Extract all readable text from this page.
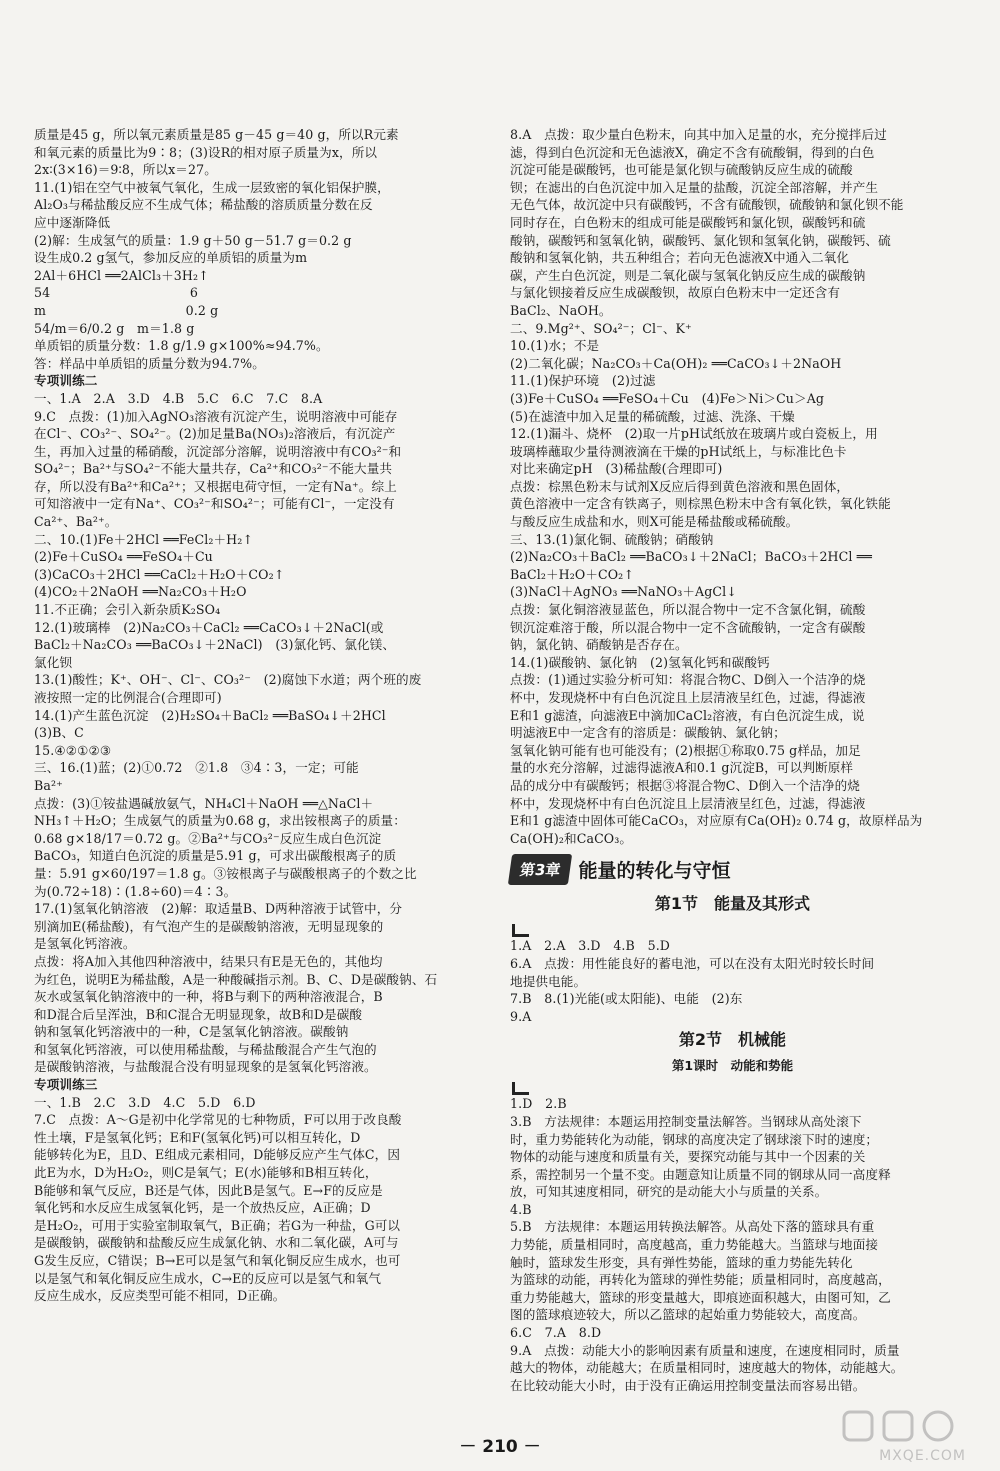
质量是45 g，所以氧元素质量是85 g－45 g＝40 g，所以R元素
和氧元素的质量比为9∶8；(3)设R的相对原子质量为x，所以
2x∶(3×16)＝9∶8，所以x＝27。
11.(1)铝在空气中被氧气氧化，生成一层致密的氧化铝保护膜，
Al₂O₃与稀盐酸反应不生成气体；稀盐酸的溶质质量分数在反
应中逐渐降低
(2)解：生成氢气的质量：1.9 g＋50 g－51.7 g＝0.2 g
设生成0.2 g氢气，参加反应的单质铝的质量为m
2Al＋6HCl ══2AlCl₃＋3H₂↑
54　　　　　　　　　　　6
m　　　　　　　　　　　0.2 g
54/m＝6/0.2 g　m＝1.8 g
单质铝的质量分数：1.8 g/1.9 g×100%≈94.7%。
答：样品中单质铝的质量分数为94.7%。
专项训练二
一、1.A　2.A　3.D　4.B　5.C　6.C　7.C　8.A
9.C　点拨：(1)加入AgNO₃溶液有沉淀产生，说明溶液中可能存
在Cl⁻、CO₃²⁻、SO₄²⁻。(2)加足量Ba(NO₃)₂溶液后，有沉淀产
生，再加入过量的稀硝酸，沉淀部分溶解，说明溶液中有CO₃²⁻和
SO₄²⁻；Ba²⁺与SO₄²⁻不能大量共存，Ca²⁺和CO₃²⁻不能大量共
存，所以没有Ba²⁺和Ca²⁺；又根据电荷守恒，一定有Na⁺。综上
可知溶液中一定有Na⁺、CO₃²⁻和SO₄²⁻；可能有Cl⁻，一定没有
Ca²⁺、Ba²⁺。
二、10.(1)Fe＋2HCl ══FeCl₂＋H₂↑
(2)Fe＋CuSO₄ ══FeSO₄＋Cu
(3)CaCO₃＋2HCl ══CaCl₂＋H₂O＋CO₂↑
(4)CO₂＋2NaOH ══Na₂CO₃＋H₂O
11.不正确；会引入新杂质K₂SO₄
12.(1)玻璃棒　(2)Na₂CO₃＋CaCl₂ ══CaCO₃↓＋2NaCl(或
BaCl₂＋Na₂CO₃ ══BaCO₃↓＋2NaCl)　(3)氯化钙、氯化镁、
氯化钡
13.(1)酸性；K⁺、OH⁻、Cl⁻、CO₃²⁻　(2)腐蚀下水道；两个班的废
液按照一定的比例混合(合理即可)
14.(1)产生蓝色沉淀　(2)H₂SO₄＋BaCl₂ ══BaSO₄↓＋2HCl
(3)B、C
15.④②①②③
三、16.(1)蓝；(2)①0.72　②1.8　③4∶3，一定；可能
Ba²⁺
点拨：(3)①铵盐遇碱放氨气，NH₄Cl＋NaOH ══△NaCl＋
NH₃↑＋H₂O；生成氨气的质量为0.68 g，求出铵根离子的质量：
0.68 g×18/17＝0.72 g。②Ba²⁺与CO₃²⁻反应生成白色沉淀
BaCO₃，知道白色沉淀的质量是5.91 g，可求出碳酸根离子的质
量：5.91 g×60/197＝1.8 g。③铵根离子与碳酸根离子的个数之比
为(0.72÷18)∶(1.8÷60)＝4∶3。
17.(1)氢氧化钠溶液　(2)解：取适量B、D两种溶液于试管中，分
别滴加E(稀盐酸)，有气泡产生的是碳酸钠溶液，无明显现象的
是氢氧化钙溶液。
点拨：将A加入其他四种溶液中，结果只有E是无色的，其他均
为红色，说明E为稀盐酸，A是一种酸碱指示剂。B、C、D是碳酸钠、石
灰水或氢氧化钠溶液中的一种，将B与剩下的两种溶液混合，B
和D混合后呈浑浊，B和C混合无明显现象，故B和D是碳酸
钠和氢氧化钙溶液中的一种，C是氢氧化钠溶液。碳酸钠
和氢氧化钙溶液，可以使用稀盐酸，与稀盐酸混合产生气泡的
是碳酸钠溶液，与盐酸混合没有明显现象的是氢氧化钙溶液。
专项训练三
一、1.B　2.C　3.D　4.C　5.D　6.D
7.C　点拨：A～G是初中化学常见的七种物质，F可以用于改良酸
性土壤，F是氢氧化钙；E和F(氢氧化钙)可以相互转化，D
能够转化为E，且D、E组成元素相同，D能够反应产生气体C，因
此E为水，D为H₂O₂，则C是氧气；E(水)能够和B相互转化，
B能够和氧气反应，B还是气体，因此B是氢气。E→F的反应是
氧化钙和水反应生成氢氧化钙，是一个放热反应，A正确；D
是H₂O₂，可用于实验室制取氧气，B正确；若G为一种盐，G可以
是碳酸钠，碳酸钠和盐酸反应生成氯化钠、水和二氧化碳，A可与
G发生反应，C错误；B→E可以是氢气和氧化铜反应生成水，也可
以是氢气和氧化铜反应生成水，C→E的反应可以是氢气和氧气
反应生成水，反应类型可能不相同，D正确。
8.A　点拨：取少量白色粉末，向其中加入足量的水，充分搅拌后过
滤，得到白色沉淀和无色滤液X，确定不含有硫酸铜，得到的白色
沉淀可能是碳酸钙，也可能是氯化钡与硫酸钠反应生成的硫酸
钡；在滤出的白色沉淀中加入足量的盐酸，沉淀全部溶解，并产生
无色气体，故沉淀中只有碳酸钙，不含有硫酸钡，硫酸钠和氯化钡不能
同时存在，白色粉末的组成可能是碳酸钙和氯化钡，碳酸钙和硫
酸钠，碳酸钙和氢氧化钠，碳酸钙、氯化钡和氢氧化钠，碳酸钙、硫
酸钠和氢氧化钠，共五种组合；若向无色滤液X中通入二氧化
碳，产生白色沉淀，则是二氧化碳与氢氧化钠反应生成的碳酸钠
与氯化钡接着反应生成碳酸钡，故原白色粉末中一定还含有
BaCl₂、NaOH。
二、9.Mg²⁺、SO₄²⁻；Cl⁻、K⁺
10.(1)水；不是
(2)二氧化碳；Na₂CO₃＋Ca(OH)₂ ══CaCO₃↓＋2NaOH
11.(1)保护环境　(2)过滤
(3)Fe＋CuSO₄ ══FeSO₄＋Cu　(4)Fe＞Ni＞Cu＞Ag
(5)在滤渣中加入足量的稀硫酸，过滤、洗涤、干燥
12.(1)漏斗、烧杯　(2)取一片pH试纸放在玻璃片或白瓷板上，用
玻璃棒蘸取少量待测液滴在干燥的pH试纸上，与标准比色卡
对比来确定pH　(3)稀盐酸(合理即可)
点拨：棕黑色粉末与试剂X反应后得到黄色溶液和黑色固体，
黄色溶液中一定含有铁离子，则棕黑色粉末中含有氧化铁，氧化铁能
与酸反应生成盐和水，则X可能是稀盐酸或稀硫酸。
三、13.(1)氯化铜、硫酸钠；硝酸钠
(2)Na₂CO₃＋BaCl₂ ══BaCO₃↓＋2NaCl；BaCO₃＋2HCl ══
BaCl₂＋H₂O＋CO₂↑
(3)NaCl＋AgNO₃ ══NaNO₃＋AgCl↓
点拨：氯化铜溶液显蓝色，所以混合物中一定不含氯化铜，硫酸
钡沉淀难溶于酸，所以混合物中一定不含硫酸钠，一定含有碳酸
钠，氯化钠、硝酸钠是否存在。
14.(1)碳酸钠、氯化钠　(2)氢氧化钙和碳酸钙
点拨：(1)通过实验分析可知：将混合物C、D倒入一个洁净的烧
杯中，发现烧杯中有白色沉淀且上层清液呈红色，过滤，得滤液
E和1 g滤渣，向滤液E中滴加CaCl₂溶液，有白色沉淀生成，说
明滤液E中一定含有的溶质是：碳酸钠、氯化钠；
氢氧化钠可能有也可能没有；(2)根据①称取0.75 g样品，加足
量的水充分溶解，过滤得滤液A和0.1 g沉淀B，可以判断原样
品的成分中有碳酸钙；根据③将混合物C、D倒入一个洁净的烧
杯中，发现烧杯中有白色沉淀且上层清液呈红色，过滤，得滤液
E和1 g滤渣中固体可能CaCO₃，对应原有Ca(OH)₂ 0.74 g，故原样品为
Ca(OH)₂和CaCO₃。
第3章 能量的转化与守恒
第1节　能量及其形式
1.A　2.A　3.D　4.B　5.D
6.A　点拨：用性能良好的蓄电池，可以在没有太阳光时较长时间
地提供电能。
7.B　8.(1)光能(或太阳能)、电能　(2)东
9.A
第2节　机械能
第1课时　动能和势能
1.D　2.B
3.B　方法规律：本题运用控制变量法解答。当钢球从高处滚下
时，重力势能转化为动能，钢球的高度决定了钢球滚下时的速度；
物体的动能与速度和质量有关，要探究动能与其中一个因素的关
系，需控制另一个量不变。由题意知让质量不同的钢球从同一高度释
放，可知其速度相同，研究的是动能大小与质量的关系。
4.B
5.B　方法规律：本题运用转换法解答。从高处下落的篮球具有重
力势能，质量相同时，高度越高，重力势能越大。当篮球与地面接
触时，篮球发生形变，具有弹性势能，篮球的重力势能先转化
为篮球的动能，再转化为篮球的弹性势能；质量相同时，高度越高，
重力势能越大，篮球的形变量越大，即痕迹面积越大，由图可知，乙
图的篮球痕迹较大，所以乙篮球的起始重力势能较大，高度高。
6.C　7.A　8.D
9.A　点拨：动能大小的影响因素有质量和速度，在速度相同时，质量
越大的物体，动能越大；在质量相同时，速度越大的物体，动能越大。
在比较动能大小时，由于没有正确运用控制变量法而容易出错。
－ 210 －	MXQE.COM
